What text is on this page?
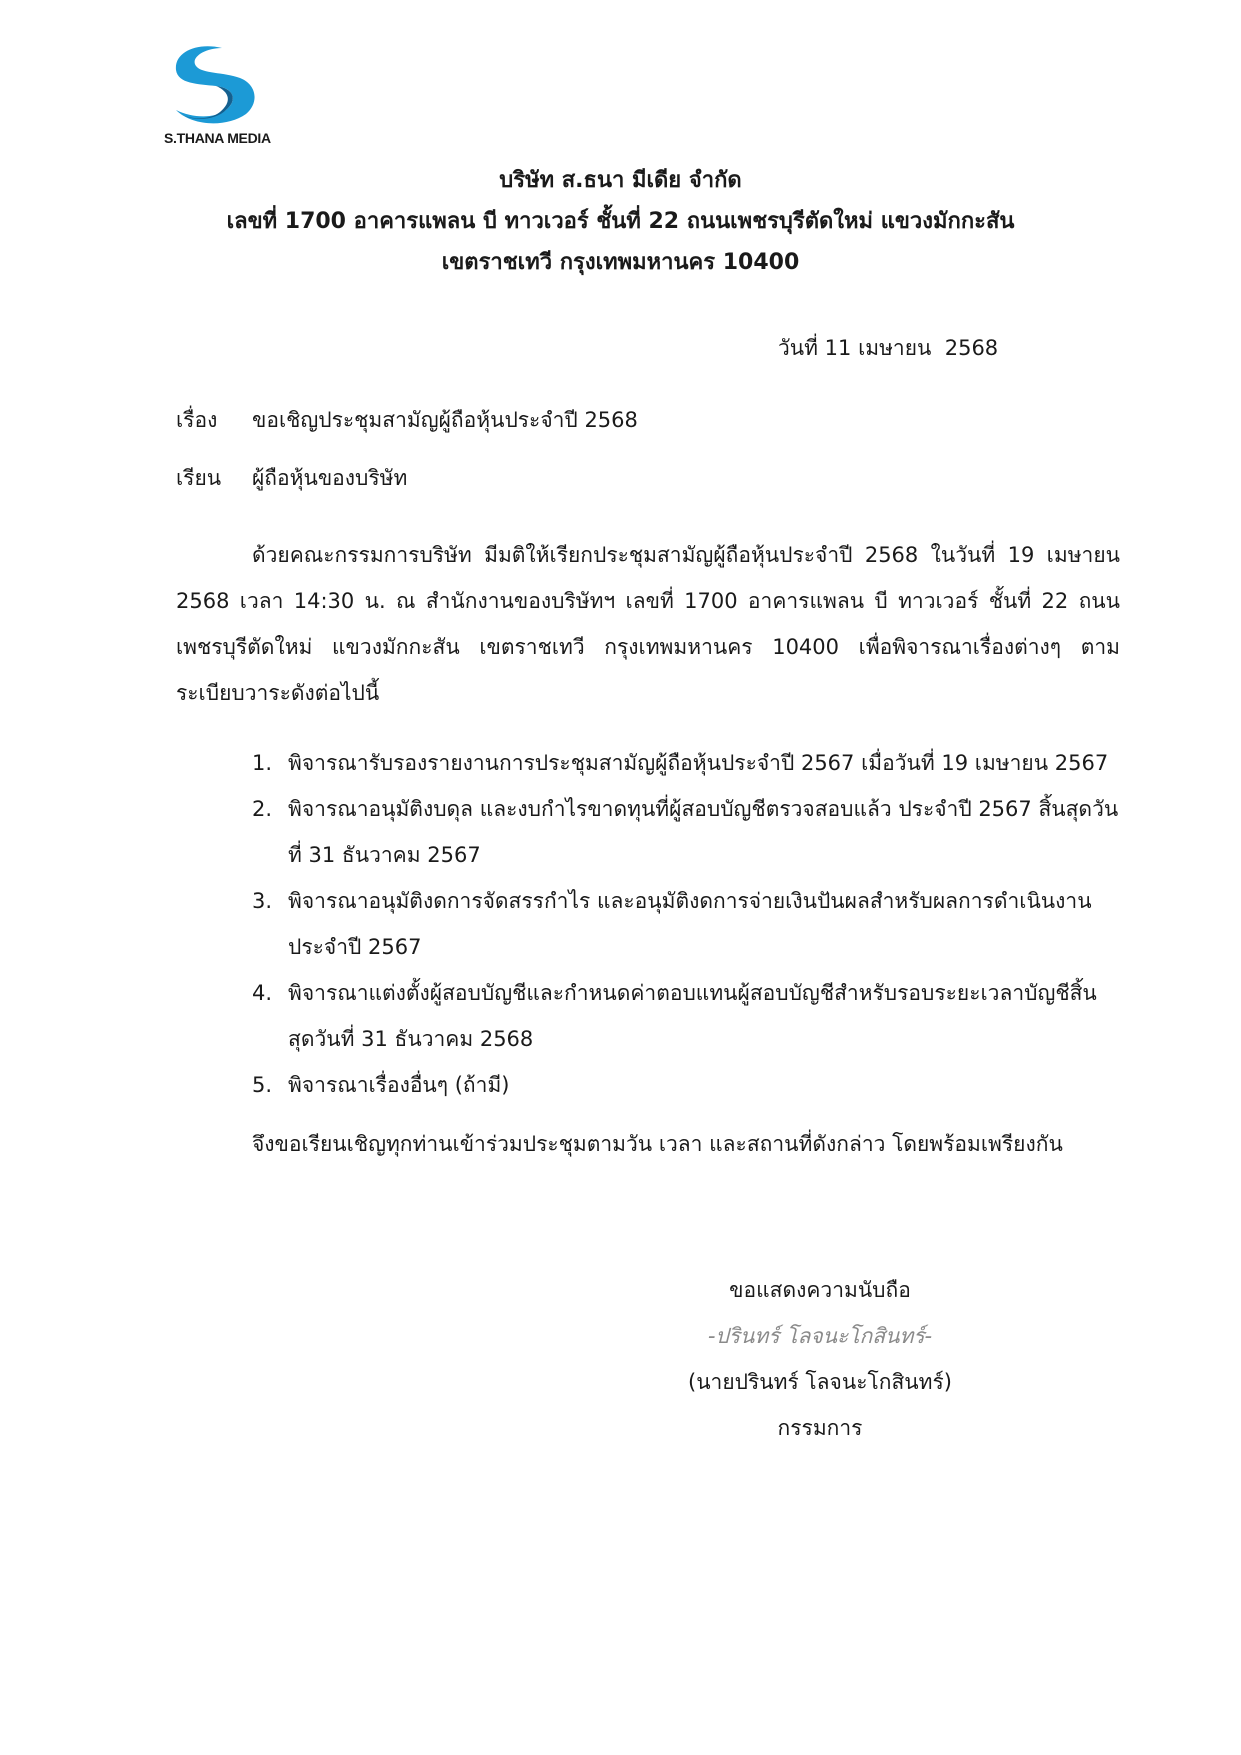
S.THANA MEDIA
บริษัท ส.ธนา มีเดีย จำกัด
เลขที่ 1700 อาคารแพลน บี ทาวเวอร์ ชั้นที่ 22 ถนนเพชรบุรีตัดใหม่ แขวงมักกะสัน
เขตราชเทวี กรุงเทพมหานคร 10400
วันที่ 11 เมษายน  2568
เรื่อง ขอเชิญประชุมสามัญผู้ถือหุ้นประจำปี 2568
เรียน ผู้ถือหุ้นของบริษัท
ด้วยคณะกรรมการบริษัท มีมติให้เรียกประชุมสามัญผู้ถือหุ้นประจำปี 2568 ในวันที่ 19 เมษายน 2568 เวลา 14:30 น. ณ สำนักงานของบริษัทฯ เลขที่ 1700 อาคารแพลน บี ทาวเวอร์ ชั้นที่ 22 ถนนเพชรบุรีตัดใหม่ แขวงมักกะสัน เขตราชเทวี กรุงเทพมหานคร 10400 เพื่อพิจารณาเรื่องต่างๆ ตามระเบียบวาระดังต่อไปนี้
1. พิจารณารับรองรายงานการประชุมสามัญผู้ถือหุ้นประจำปี 2567 เมื่อวันที่ 19 เมษายน 2567
2. พิจารณาอนุมัติงบดุล และงบกำไรขาดทุนที่ผู้สอบบัญชีตรวจสอบแล้ว ประจำปี 2567 สิ้นสุดวันที่ 31 ธันวาคม 2567
3. พิจารณาอนุมัติงดการจัดสรรกำไร และอนุมัติงดการจ่ายเงินปันผลสำหรับผลการดำเนินงานประจำปี 2567
4. พิจารณาแต่งตั้งผู้สอบบัญชีและกำหนดค่าตอบแทนผู้สอบบัญชีสำหรับรอบระยะเวลาบัญชีสิ้นสุดวันที่ 31 ธันวาคม 2568
5. พิจารณาเรื่องอื่นๆ (ถ้ามี)
จึงขอเรียนเชิญทุกท่านเข้าร่วมประชุมตามวัน เวลา และสถานที่ดังกล่าว โดยพร้อมเพรียงกัน
ขอแสดงความนับถือ
-ปรินทร์ โลจนะโกสินทร์-
(นายปรินทร์ โลจนะโกสินทร์)
กรรมการ
